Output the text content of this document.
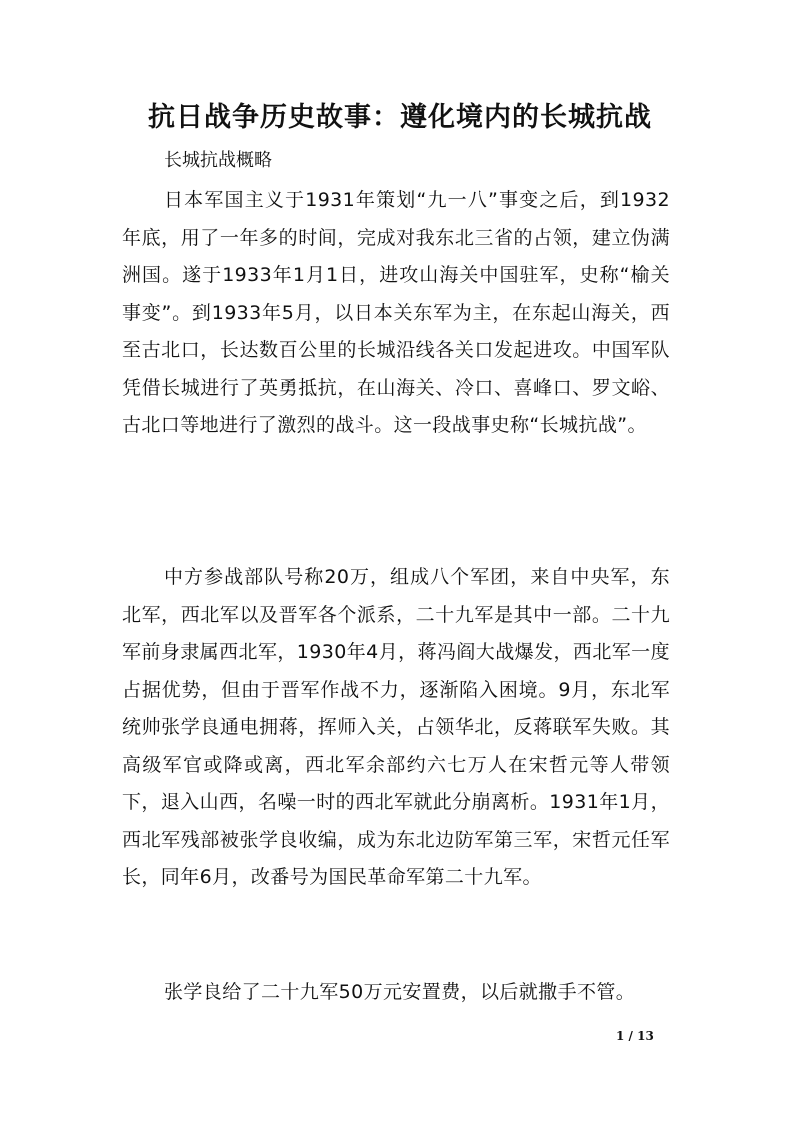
抗日战争历史故事：遵化境内的长城抗战

长城抗战概略

日本军国主义于1931年策划“九一八”事变之后，到1932年底，用了一年多的时间，完成对我东北三省的占领，建立伪满洲国。遂于1933年1月1日，进攻山海关中国驻军，史称“榆关事变”。到1933年5月，以日本关东军为主，在东起山海关，西至古北口，长达数百公里的长城沿线各关口发起进攻。中国军队凭借长城进行了英勇抵抗，在山海关、冷口、喜峰口、罗文峪、古北口等地进行了激烈的战斗。这一段战事史称“长城抗战”。

中方参战部队号称20万，组成八个军团，来自中央军，东北军，西北军以及晋军各个派系，二十九军是其中一部。二十九军前身隶属西北军，1930年4月，蒋冯阎大战爆发，西北军一度占据优势，但由于晋军作战不力，逐渐陷入困境。9月，东北军统帅张学良通电拥蒋，挥师入关，占领华北，反蒋联军失败。其高级军官或降或离，西北军余部约六七万人在宋哲元等人带领下，退入山西，名噪一时的西北军就此分崩离析。1931年1月，西北军残部被张学良收编，成为东北边防军第三军，宋哲元任军长，同年6月，改番号为国民革命军第二十九军。

张学良给了二十九军50万元安置费，以后就撒手不管。

1 / 13
